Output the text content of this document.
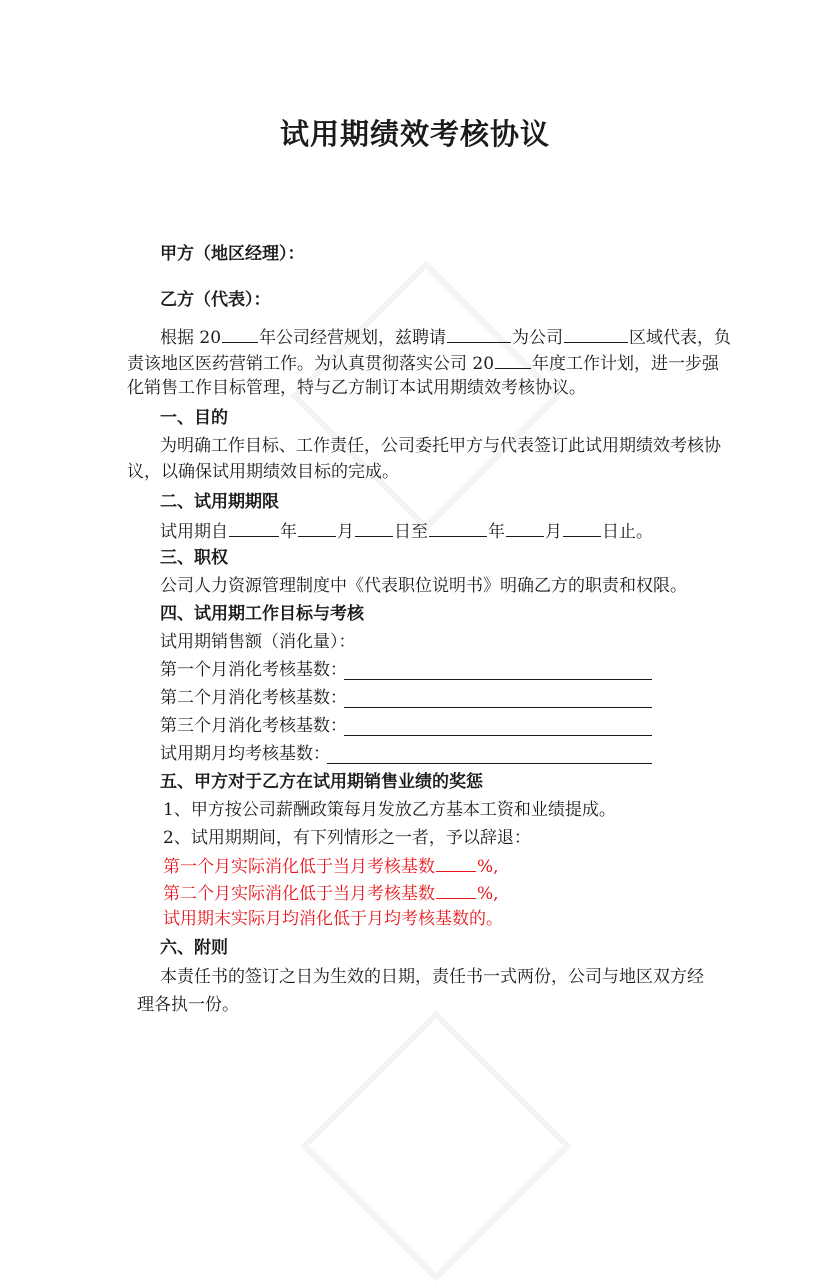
试用期绩效考核协议
甲方（地区经理）：
乙方（代表）：
根据 20 年公司经营规划，兹聘请	为公司	区域代表，负
责该地区医药营销工作。为认真贯彻落实公司 20 年度工作计划，进一步强
化销售工作目标管理，特与乙方制订本试用期绩效考核协议。
一、目的
为明确工作目标、工作责任，公司委托甲方与代表签订此试用期绩效考核协
议，以确保试用期绩效目标的完成。
二、试用期期限
试用期自	年 月 日至	年 月 日止。
三、职权
公司人力资源管理制度中《代表职位说明书》明确乙方的职责和权限。
四、试用期工作目标与考核
试用期销售额（消化量）：
第一个月消化考核基数：
第二个月消化考核基数：
第三个月消化考核基数：
试用期月均考核基数：
五、甲方对于乙方在试用期销售业绩的奖惩
1、甲方按公司薪酬政策每月发放乙方基本工资和业绩提成。
2、试用期期间，有下列情形之一者，予以辞退：
第一个月实际消化低于当月考核基数 %,
第二个月实际消化低于当月考核基数 %,
试用期末实际月均消化低于月均考核基数的。
六、附则
本责任书的签订之日为生效的日期，责任书一式两份，公司与地区双方经
理各执一份。
